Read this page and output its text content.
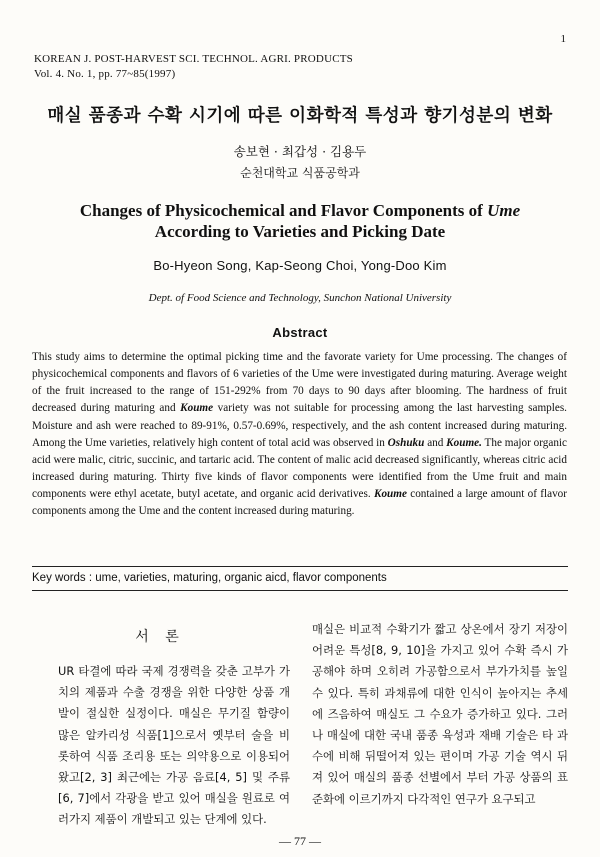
1
KOREAN J. POST-HARVEST SCI. TECHNOL. AGRI. PRODUCTS
Vol. 4. No. 1, pp. 77~85(1997)
매실 품종과 수확 시기에 따른 이화학적 특성과 향기성분의 변화
송보현 · 최갑성 · 김용두
순천대학교 식품공학과
Changes of Physicochemical and Flavor Components of Ume
According to Varieties and Picking Date
Bo-Hyeon Song, Kap-Seong Choi, Yong-Doo Kim
Dept. of Food Science and Technology, Sunchon National University
Abstract
This study aims to determine the optimal picking time and the favorate variety for Ume processing. The changes of physicochemical components and flavors of 6 varieties of the Ume were investigated during maturing. Average weight of the fruit increased to the range of 151-292% from 70 days to 90 days after blooming. The hardness of fruit decreased during maturing and Koume variety was not suitable for processing among the last harvesting samples. Moisture and ash were reached to 89-91%, 0.57-0.69%, respectively, and the ash content increased during maturing. Among the Ume varieties, relatively high content of total acid was observed in Oshuku and Koume. The major organic acid were malic, citric, succinic, and tartaric acid. The content of malic acid decreased significantly, whereas citric acid increased during maturing. Thirty five kinds of flavor components were identified from the Ume fruit and main components were ethyl acetate, butyl acetate, and organic acid derivatives. Koume contained a large amount of flavor components among the Ume and the content increased during maturing.
Key words : ume, varieties, maturing, organic aicd, flavor components
서 론

UR 타결에 따라 국제 경쟁력을 갖춘 고부가 가치의 제품과 수출 경쟁을 위한 다양한 상품 개발이 절실한 실정이다. 매실은 무기질 함량이 많은 알카리성 식품[1]으로서 옛부터 술을 비롯하여 식품 조리용 또는 의약용으로 이용되어 왔고[2, 3] 최근에는 가공 음료[4, 5] 및 주류[6, 7]에서 각광을 받고 있어 매실을 원료로 여러가지 제품이 개발되고 있는 단계에 있다.

매실은 비교적 수확기가 짧고 상온에서 장기 저장이 어려운 특성[8, 9, 10]을 가지고 있어 수확 즉시 가공해야 하며 오히려 가공함으로서 부가가치를 높일 수 있다. 특히 과채류에 대한 인식이 높아지는 추세에 즈음하여 매실도 그 수요가 증가하고 있다. 그러나 매실에 대한 국내 품종 육성과 재배 기술은 타 과수에 비해 뒤떨어져 있는 편이며 가공 기술 역시 뒤져 있어 매실의 품종 선별에서 부터 가공 상품의 표준화에 이르기까지 다각적인 연구가 요구되고

— 77 —
